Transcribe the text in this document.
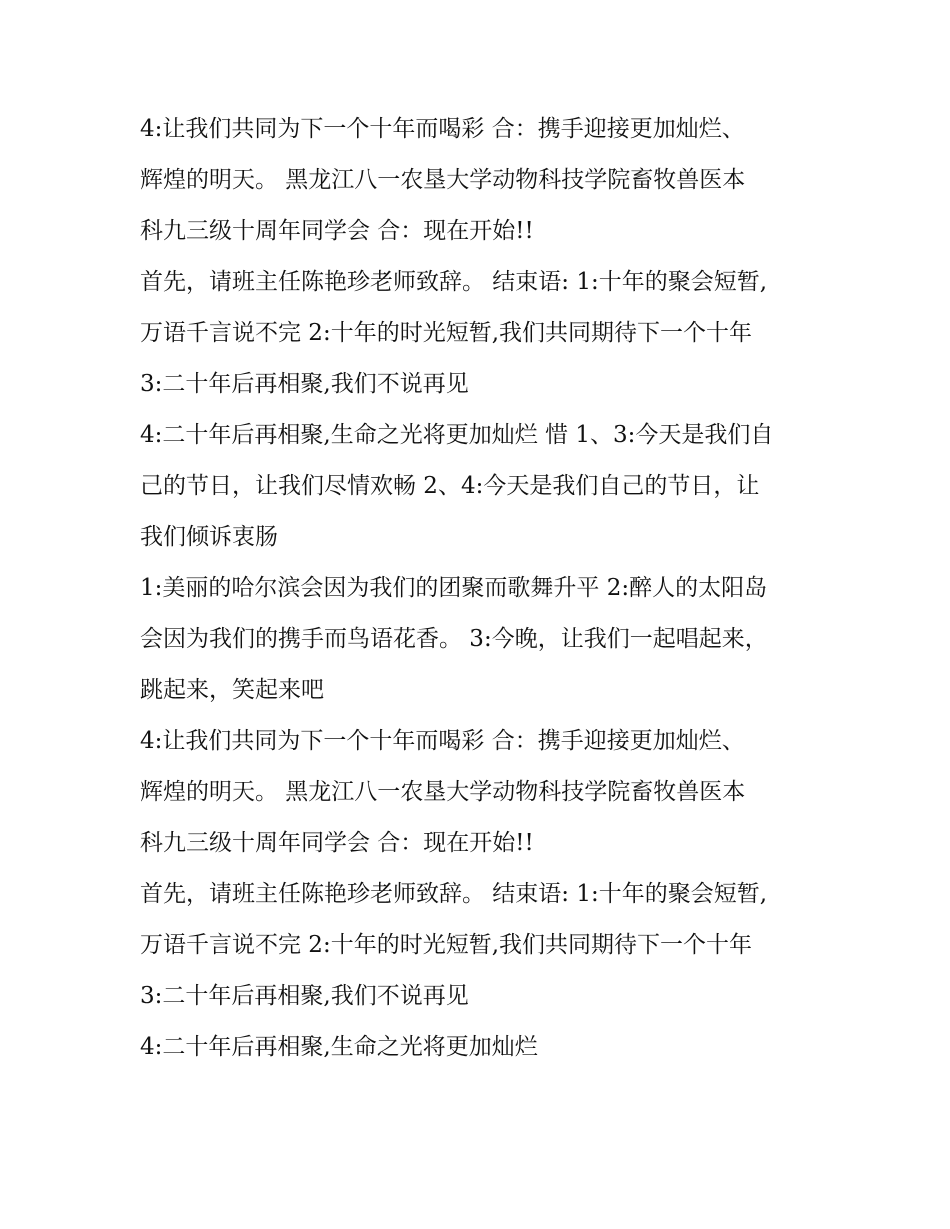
4:让我们共同为下一个十年而喝彩 合：携手迎接更加灿烂、
辉煌的明天。 黑龙江八一农垦大学动物科技学院畜牧兽医本
科九三级十周年同学会 合：现在开始!!
首先，请班主任陈艳珍老师致辞。 结束语: 1:十年的聚会短暂,
万语千言说不完 2:十年的时光短暂,我们共同期待下一个十年
3:二十年后再相聚,我们不说再见
4:二十年后再相聚,生命之光将更加灿烂 惜 1、3:今天是我们自
己的节日，让我们尽情欢畅 2、4:今天是我们自己的节日，让
我们倾诉衷肠
1:美丽的哈尔滨会因为我们的团聚而歌舞升平 2:醉人的太阳岛
会因为我们的携手而鸟语花香。 3:今晚，让我们一起唱起来，
跳起来，笑起来吧
4:让我们共同为下一个十年而喝彩 合：携手迎接更加灿烂、
辉煌的明天。 黑龙江八一农垦大学动物科技学院畜牧兽医本
科九三级十周年同学会 合：现在开始!!
首先，请班主任陈艳珍老师致辞。 结束语: 1:十年的聚会短暂,
万语千言说不完 2:十年的时光短暂,我们共同期待下一个十年
3:二十年后再相聚,我们不说再见
4:二十年后再相聚,生命之光将更加灿烂
